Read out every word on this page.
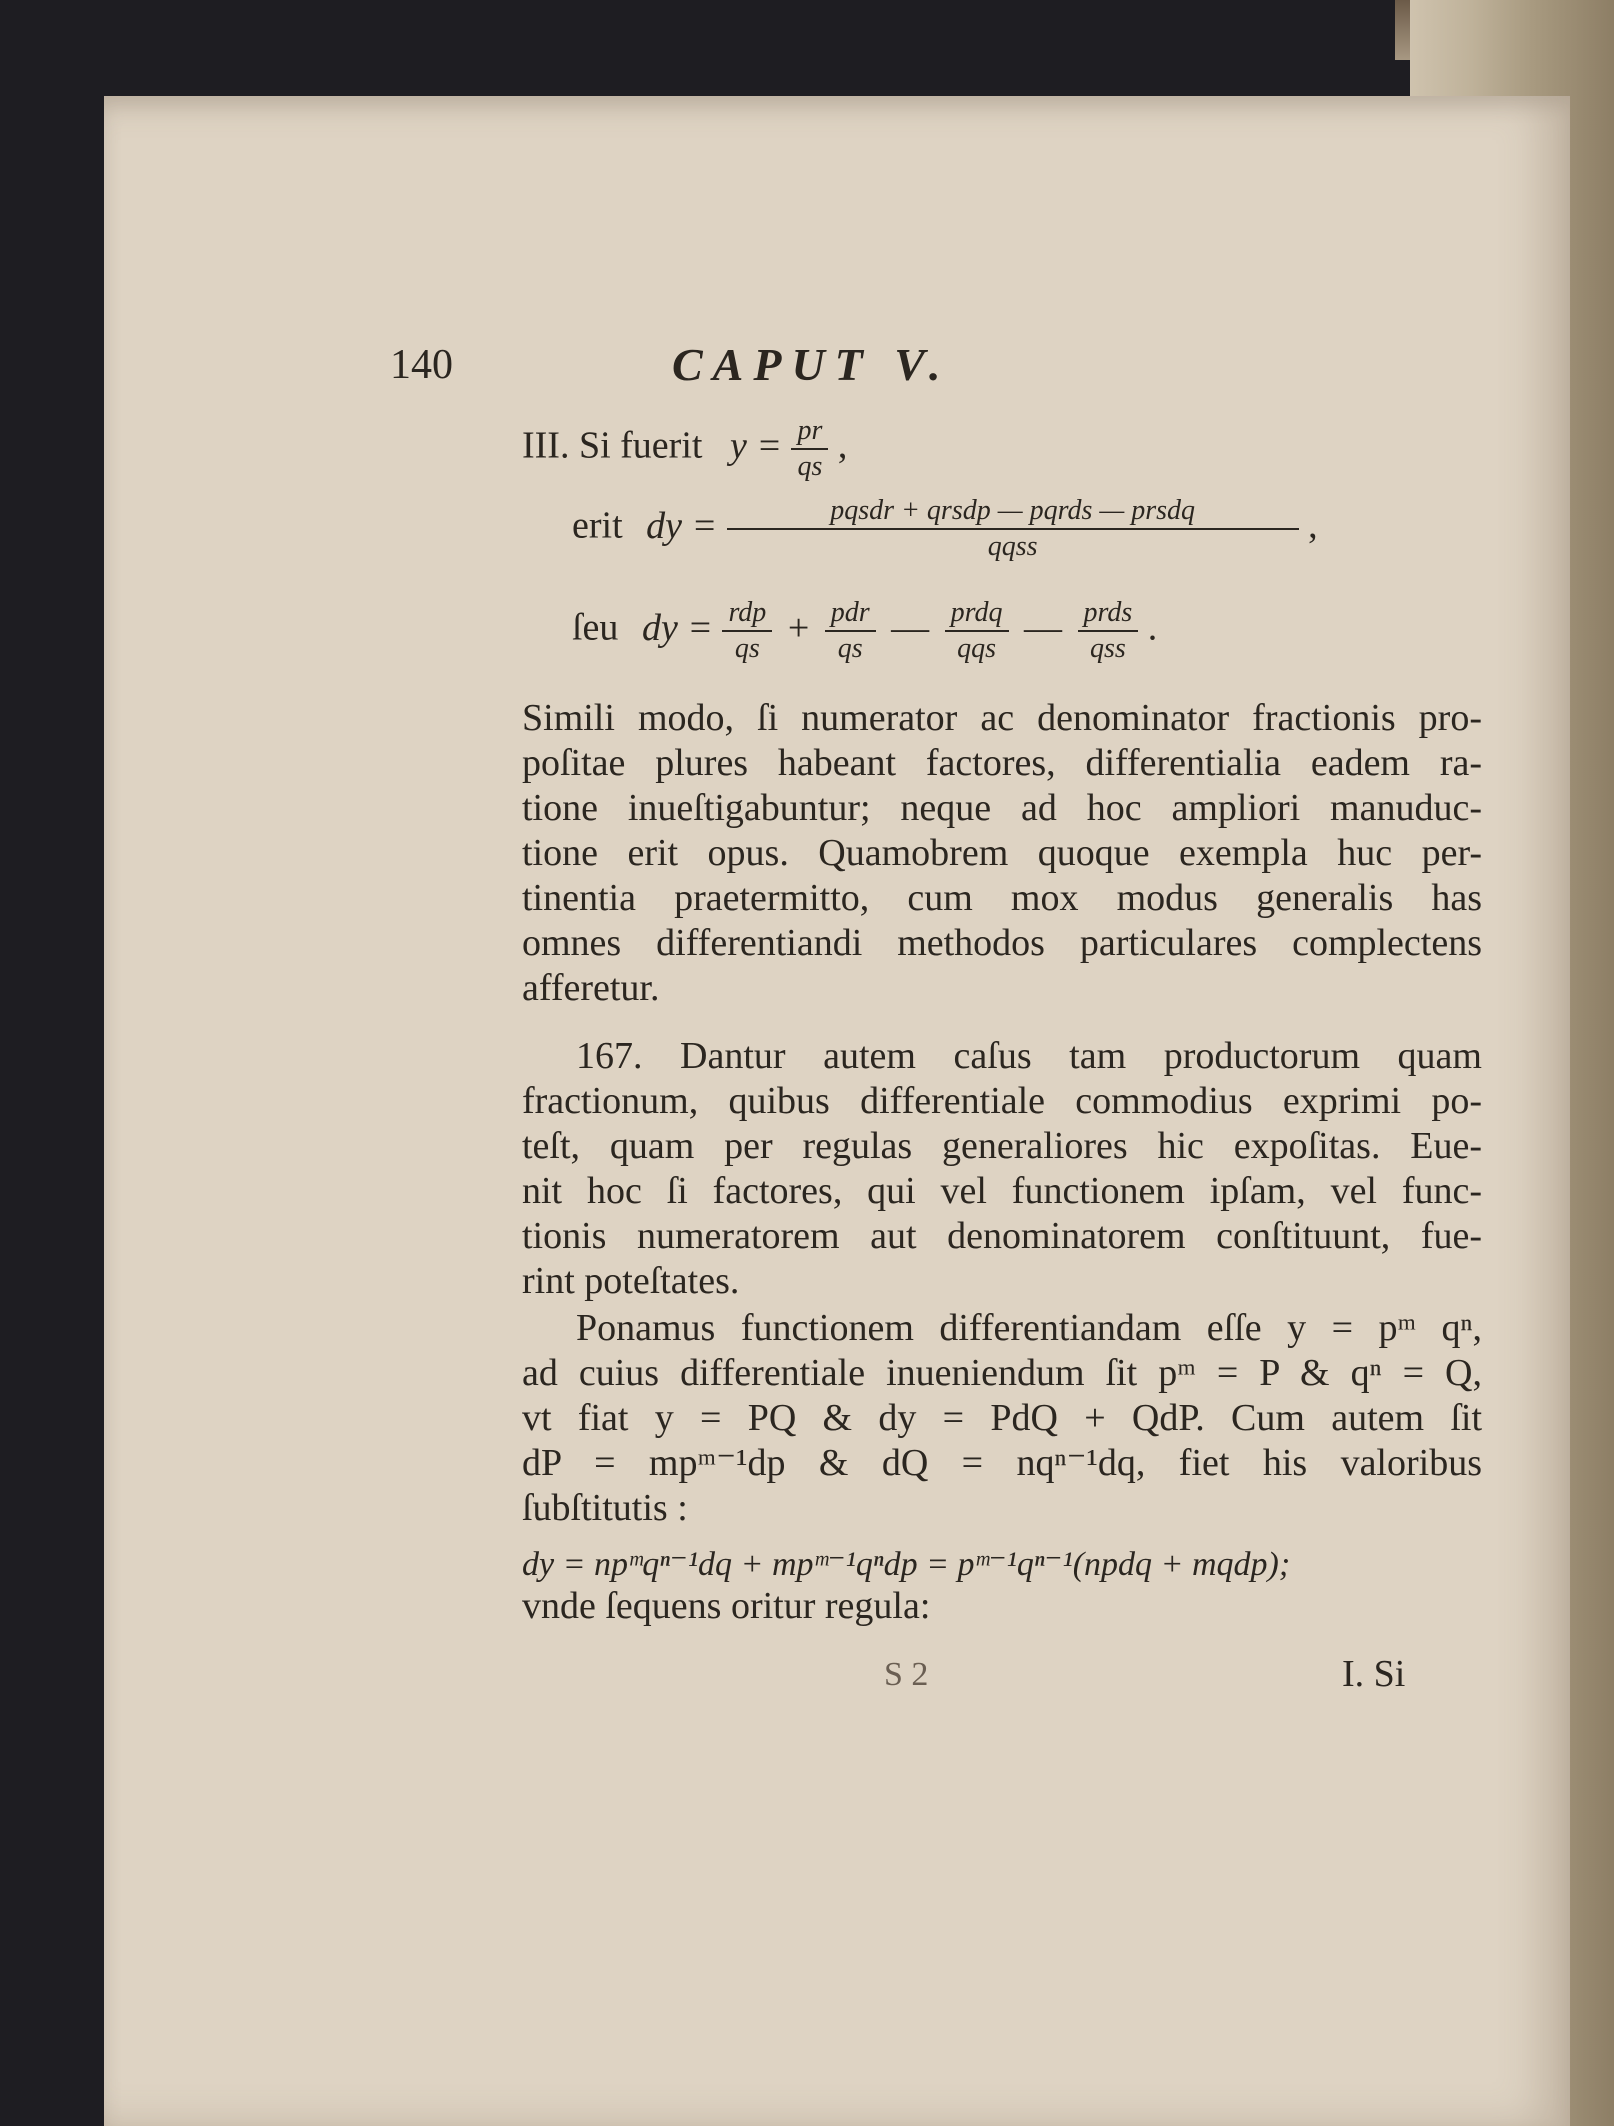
140	CAPUT V.
III. Si fuerit $y = \frac{pr}{qs}$ ,
erit dy = $\frac{\text{pqsdr + qrsdp — pqrds — prsdq}}{\text{qqss}}$ ,
ſeu dy = $\frac{\text{rdp}}{qs} + \frac{\text{pdr}}{qs}$ — $\frac{\text{prdq}}{\text{qqs}}$ — $\frac{\text{prds}}{\text{qss}}$ .
Simili modo, ſi numerator ac denominator fractionis pro-
poſitae plures habeant factores, differentialia eadem ra-
tione inueſtigabuntur; neque ad hoc ampliori manuduc-
tione erit opus. Quamobrem quoque exempla huc per-
tinentia praetermitto, cum mox modus generalis has
omnes differentiandi methodos particulares complectens
afferetur.
167. Dantur autem caſus tam productorum quam
fractionum, quibus differentiale commodius exprimi po-
teſt, quam per regulas generaliores hic expoſitas. Eue-
nit hoc ſi factores, qui vel functionem ipſam, vel func-
tionis numeratorem aut denominatorem conſtituunt, fue-
rint poteſtates.
Ponamus functionem differentiandam eſſe y = pᵐ qⁿ,
ad cuius differentiale inueniendum ſit pᵐ = P & qⁿ = Q,
vt fiat y = PQ & dy = PdQ + QdP. Cum autem ſit
dP = mpᵐ⁻¹dp & dQ = nqⁿ⁻¹dq, fiet his valoribus
ſubſtitutis :
dy = npᵐqⁿ⁻¹dq + mpᵐ⁻¹qⁿdp = pᵐ⁻¹qⁿ⁻¹(npdq + mqdp);
vnde ſequens oritur regula:
S 2	I. Si
